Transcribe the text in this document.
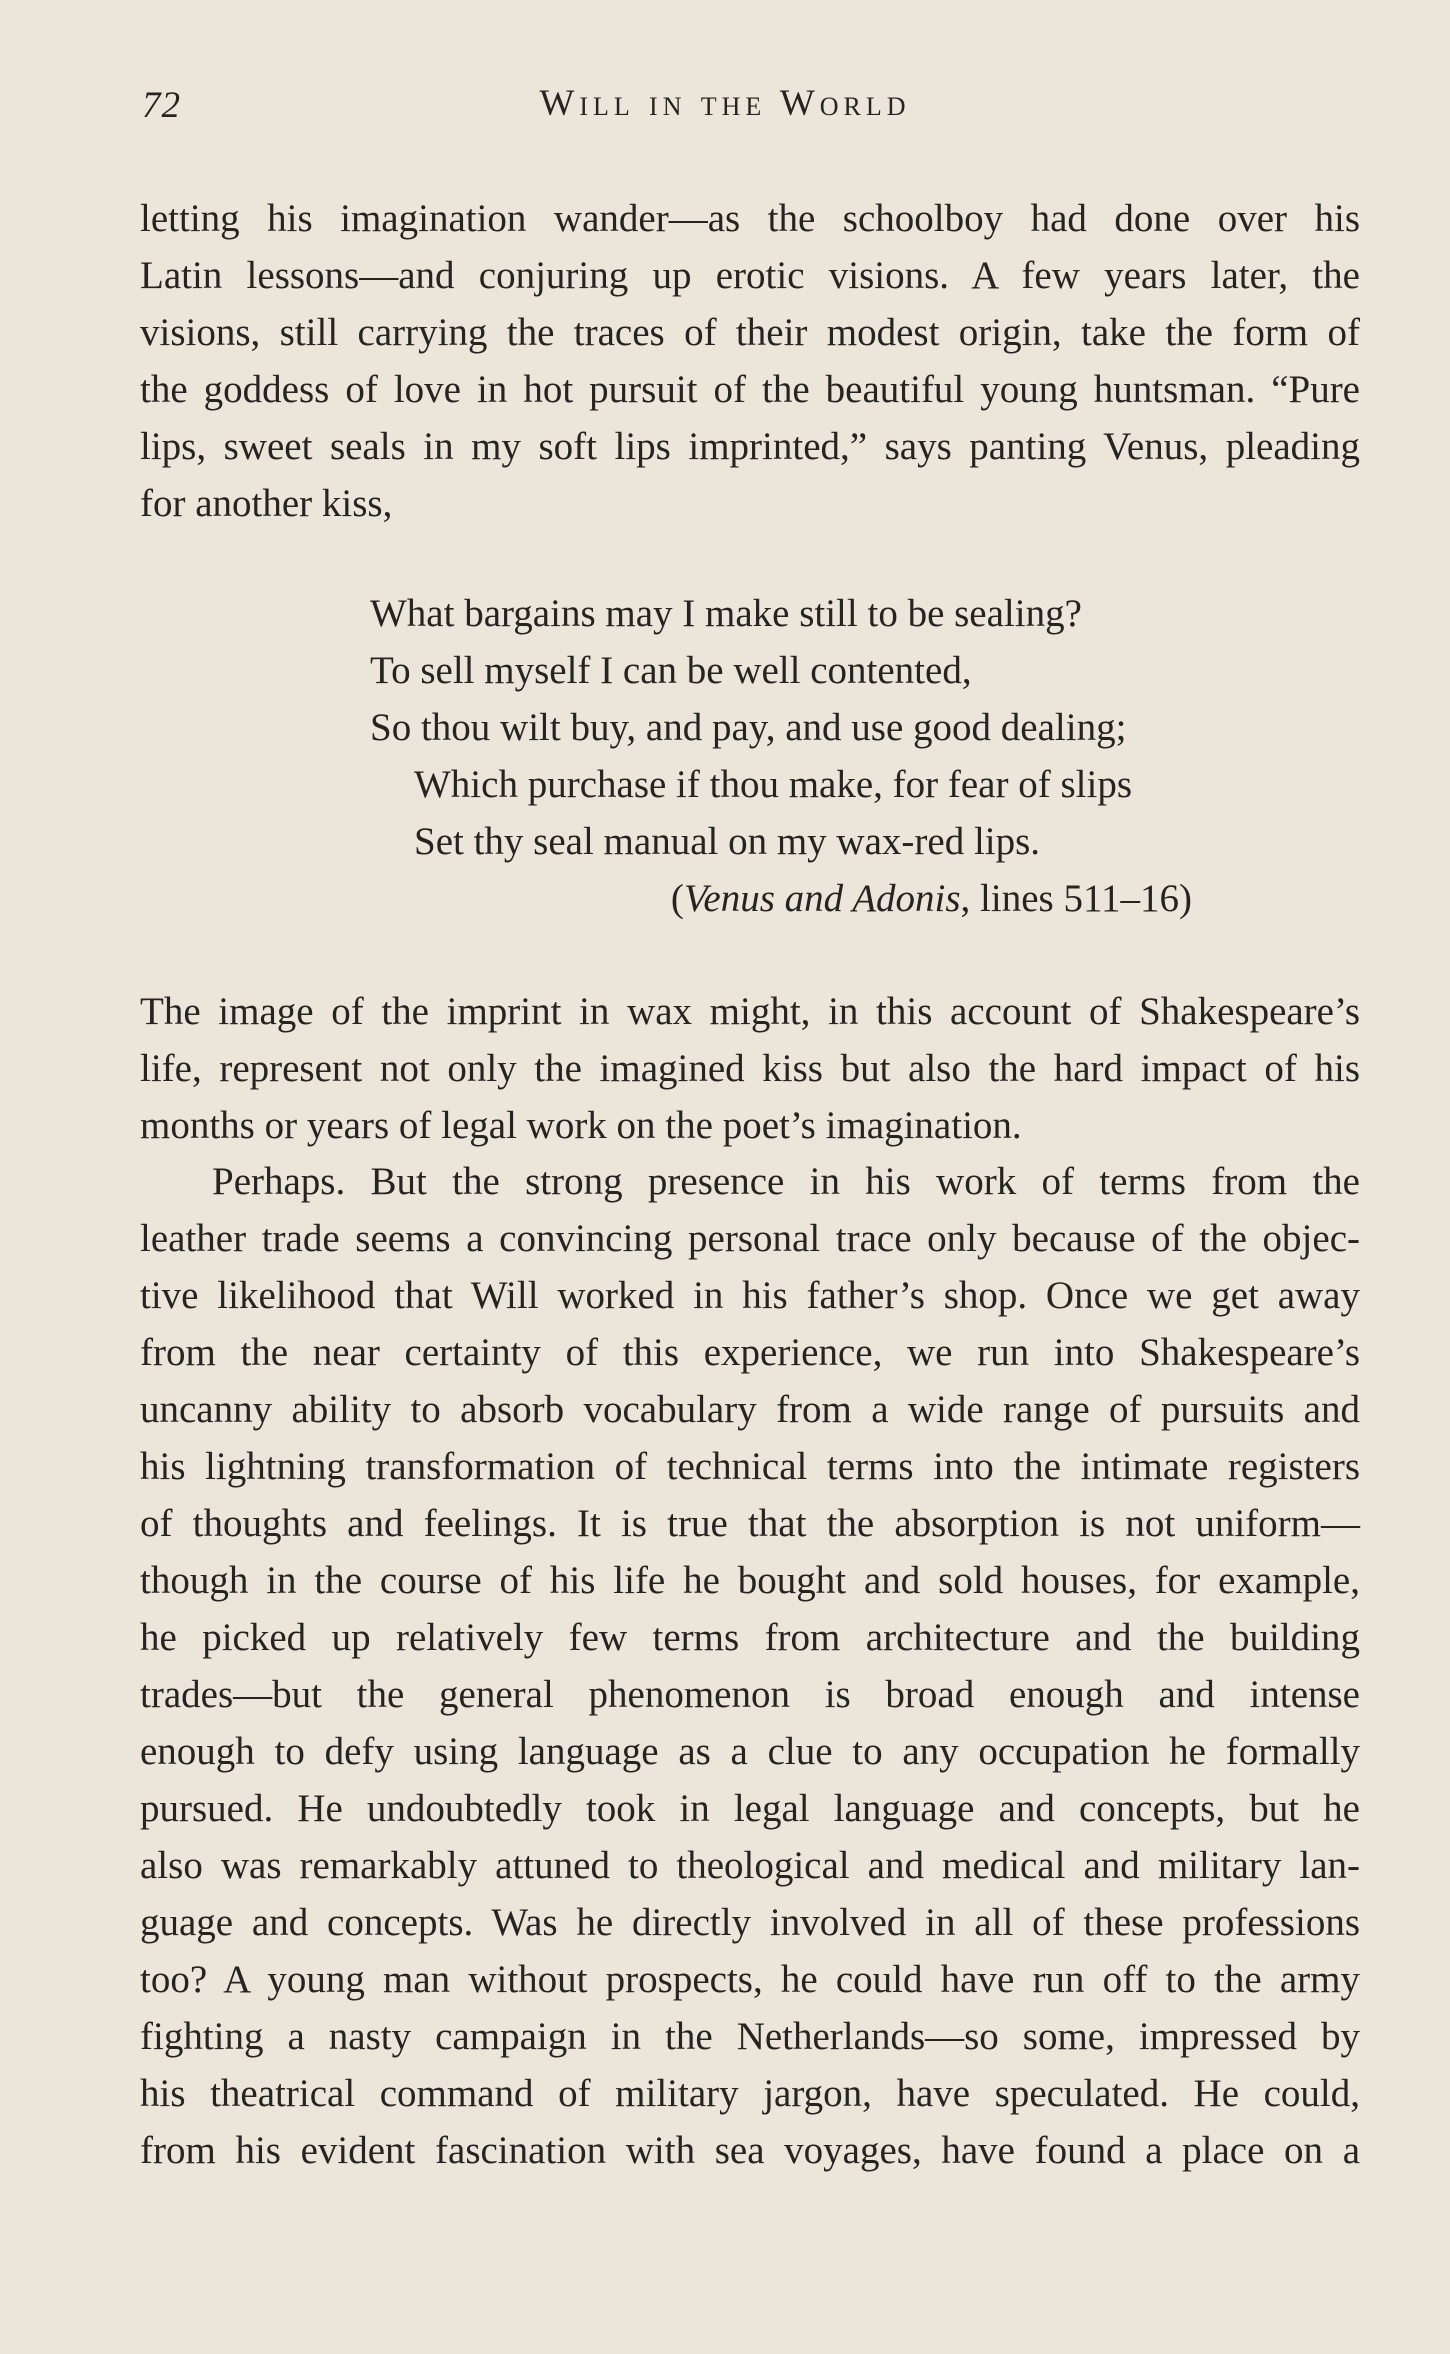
72	Will in the World
letting his imagination wander—as the schoolboy had done over his
Latin lessons—and conjuring up erotic visions. A few years later, the
visions, still carrying the traces of their modest origin, take the form of
the goddess of love in hot pursuit of the beautiful young huntsman. “Pure
lips, sweet seals in my soft lips imprinted,” says panting Venus, pleading
for another kiss,
What bargains may I make still to be sealing?
To sell myself I can be well contented,
So thou wilt buy, and pay, and use good dealing;
Which purchase if thou make, for fear of slips
Set thy seal manual on my wax-red lips.
(Venus and Adonis, lines 511–16)
The image of the imprint in wax might, in this account of Shakespeare’s
life, represent not only the imagined kiss but also the hard impact of his
months or years of legal work on the poet’s imagination.
Perhaps. But the strong presence in his work of terms from the
leather trade seems a convincing personal trace only because of the objec-
tive likelihood that Will worked in his father’s shop. Once we get away
from the near certainty of this experience, we run into Shakespeare’s
uncanny ability to absorb vocabulary from a wide range of pursuits and
his lightning transformation of technical terms into the intimate registers
of thoughts and feelings. It is true that the absorption is not uniform—
though in the course of his life he bought and sold houses, for example,
he picked up relatively few terms from architecture and the building
trades—but the general phenomenon is broad enough and intense
enough to defy using language as a clue to any occupation he formally
pursued. He undoubtedly took in legal language and concepts, but he
also was remarkably attuned to theological and medical and military lan-
guage and concepts. Was he directly involved in all of these professions
too? A young man without prospects, he could have run off to the army
fighting a nasty campaign in the Netherlands—so some, impressed by
his theatrical command of military jargon, have speculated. He could,
from his evident fascination with sea voyages, have found a place on a
